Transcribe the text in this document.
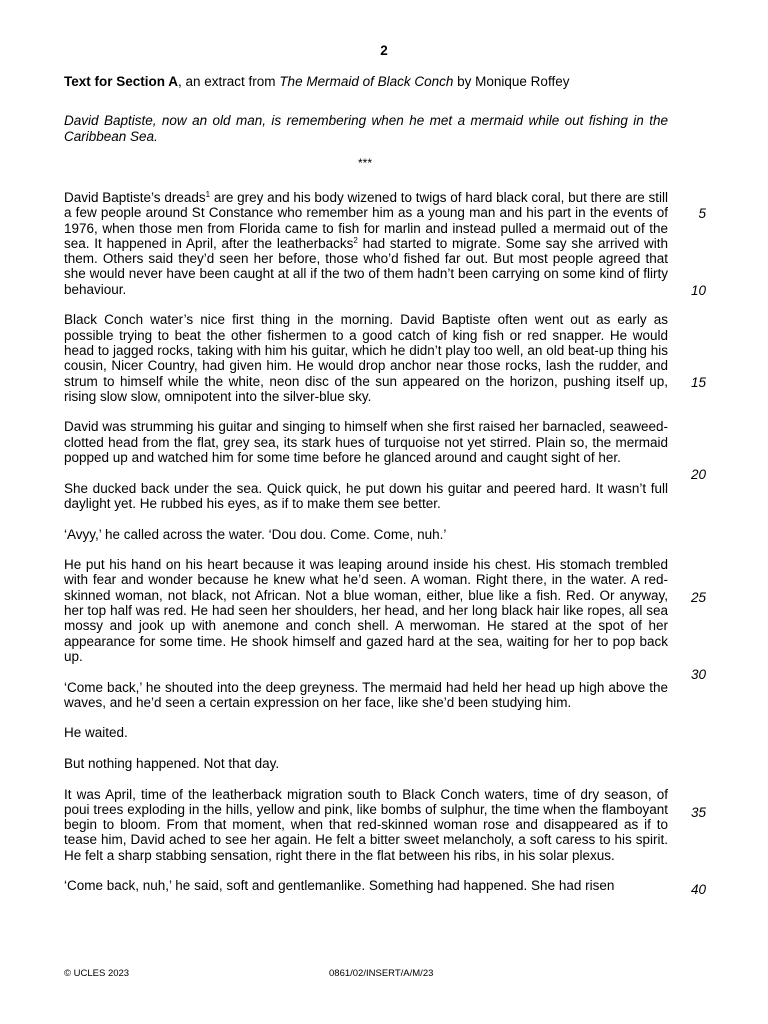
2
Text for Section A, an extract from The Mermaid of Black Conch by Monique Roffey
David Baptiste, now an old man, is remembering when he met a mermaid while out fishing in the Caribbean Sea.
***

David Baptiste’s dreads$^1$ are grey and his body wizened to twigs of hard black coral, but there are still a few people around St Constance who remember him as a young man and his part in the events of 1976, when those men from Florida came to fish for marlin and instead pulled a mermaid out of the sea. It happened in April, after the leatherbacks$^2$ had started to migrate. Some say she arrived with them. Others said they’d seen her before, those who’d fished far out. But most people agreed that she would never have been caught at all if the two of them hadn’t been carrying on some kind of flirty behaviour.

Black Conch water’s nice first thing in the morning. David Baptiste often went out as early as possible trying to beat the other fishermen to a good catch of king fish or red snapper. He would head to jagged rocks, taking with him his guitar, which he didn’t play too well, an old beat-up thing his cousin, Nicer Country, had given him. He would drop anchor near those rocks, lash the rudder, and strum to himself while the white, neon disc of the sun appeared on the horizon, pushing itself up, rising slow slow, omnipotent into the silver-blue sky.

David was strumming his guitar and singing to himself when she first raised her barnacled, seaweed-clotted head from the flat, grey sea, its stark hues of turquoise not yet stirred. Plain so, the mermaid popped up and watched him for some time before he glanced around and caught sight of her.

She ducked back under the sea. Quick quick, he put down his guitar and peered hard. It wasn’t full daylight yet. He rubbed his eyes, as if to make them see better.

‘Avyy,’ he called across the water. ‘Dou dou. Come. Come, nuh.’

He put his hand on his heart because it was leaping around inside his chest. His stomach trembled with fear and wonder because he knew what he’d seen. A woman. Right there, in the water. A red-skinned woman, not black, not African. Not a blue woman, either, blue like a fish. Red. Or anyway, her top half was red. He had seen her shoulders, her head, and her long black hair like ropes, all sea mossy and jook up with anemone and conch shell. A merwoman. He stared at the spot of her appearance for some time. He shook himself and gazed hard at the sea, waiting for her to pop back up.

‘Come back,’ he shouted into the deep greyness. The mermaid had held her head up high above the waves, and he’d seen a certain expression on her face, like she’d been studying him.

He waited.

But nothing happened. Not that day.

It was April, time of the leatherback migration south to Black Conch waters, time of dry season, of poui trees exploding in the hills, yellow and pink, like bombs of sulphur, the time when the flamboyant begin to bloom. From that moment, when that red-skinned woman rose and disappeared as if to tease him, David ached to see her again. He felt a bitter sweet melancholy, a soft caress to his spirit. He felt a sharp stabbing sensation, right there in the flat between his ribs, in his solar plexus.

‘Come back, nuh,’ he said, soft and gentlemanlike. Something had happened. She had risen

5
10
15
20
25
30
35
40
© UCLES 2023	0861/02/INSERT/A/M/23
